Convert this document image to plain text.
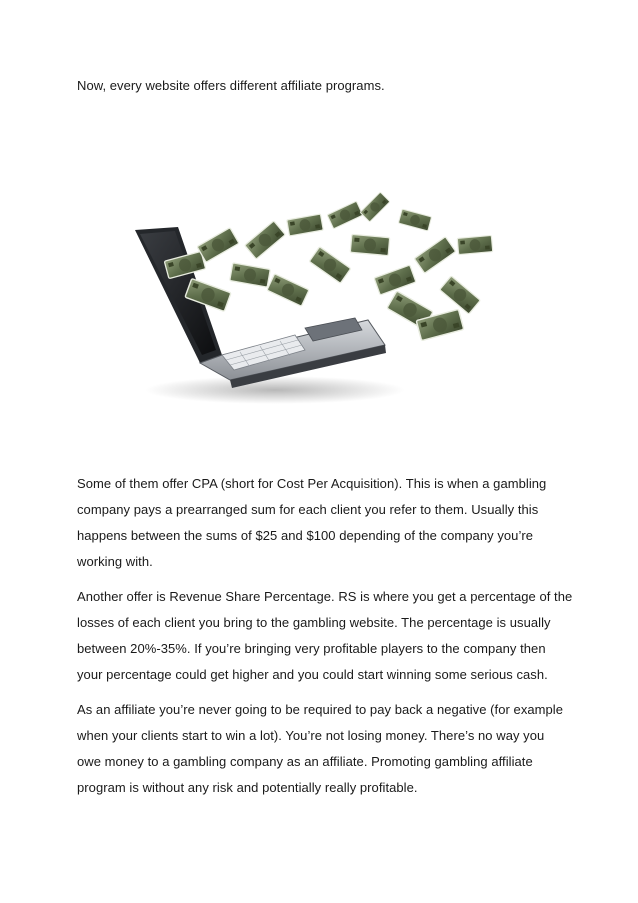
Now, every website offers different affiliate programs.

Some of them offer CPA (short for Cost Per Acquisition). This is when a gambling

company pays a prearranged sum for each client you refer to them. Usually this

happens between the sums of $25 and $100 depending of the company you’re

working with.

Another offer is Revenue Share Percentage. RS is where you get a percentage of the

losses of each client you bring to the gambling website. The percentage is usually

between 20%-35%. If you’re bringing very profitable players to the company then

your percentage could get higher and you could start winning some serious cash.

As an affiliate you’re never going to be required to pay back a negative (for example

when your clients start to win a lot). You’re not losing money. There’s no way you

owe money to a gambling company as an affiliate. Promoting gambling affiliate

program is without any risk and potentially really profitable.
